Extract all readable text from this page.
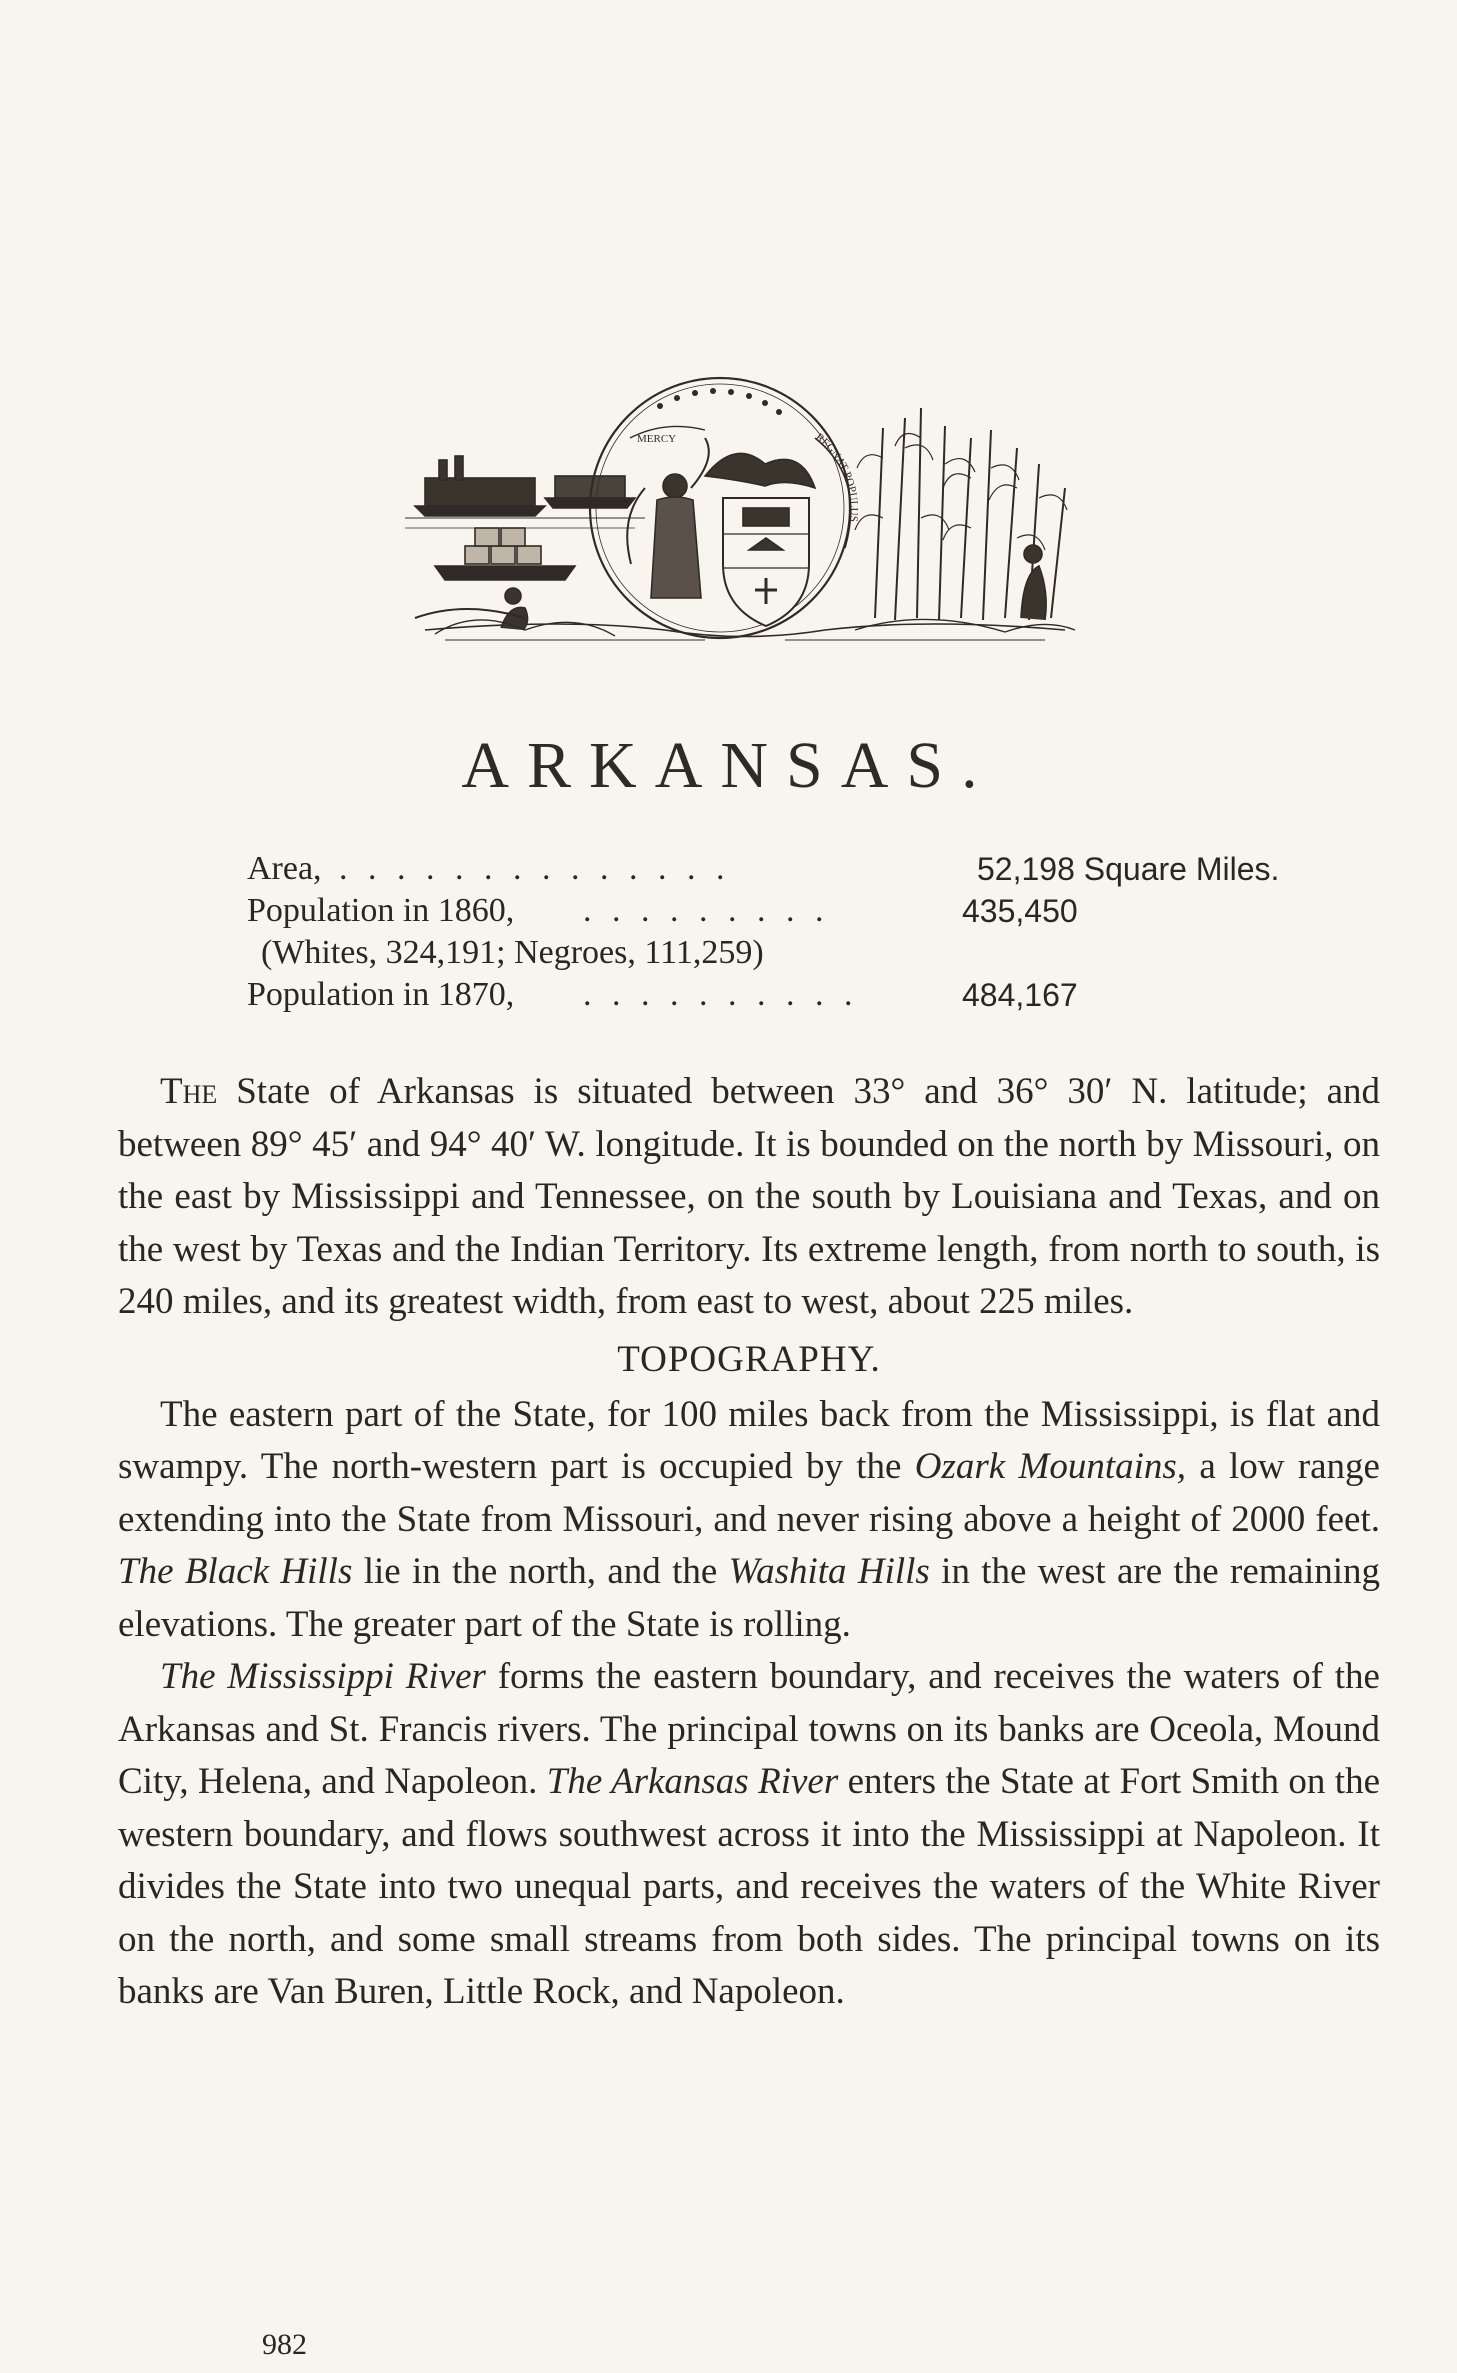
MERCY	REGNAT POPULUS
ARKANSAS.
Area, . . . . . . . . . . . . . .	52,198 Square Miles.
Population in 1860, . . . . . . . . .	435,450
(Whites, 324,191; Negroes, 111,259)
Population in 1870, . . . . . . . . . .	484,167

The State of Arkansas is situated between 33° and 36° 30′ N. latitude; and between 89° 45′ and 94° 40′ W. longitude. It is bounded on the north by Missouri, on the east by Mississippi and Tennessee, on the south by Louisiana and Texas, and on the west by Texas and the Indian Territory. Its extreme length, from north to south, is 240 miles, and its greatest width, from east to west, about 225 miles.

TOPOGRAPHY.

The eastern part of the State, for 100 miles back from the Mississippi, is flat and swampy. The north-western part is occupied by the Ozark Mountains, a low range extending into the State from Missouri, and never rising above a height of 2000 feet. The Black Hills lie in the north, and the Washita Hills in the west are the remaining elevations. The greater part of the State is rolling.

The Mississippi River forms the eastern boundary, and receives the waters of the Arkansas and St. Francis rivers. The principal towns on its banks are Oceola, Mound City, Helena, and Napoleon. The Arkansas River enters the State at Fort Smith on the western boundary, and flows southwest across it into the Mississippi at Napoleon. It divides the State into two unequal parts, and receives the waters of the White River on the north, and some small streams from both sides. The principal towns on its banks are Van Buren, Little Rock, and Napoleon.

982
